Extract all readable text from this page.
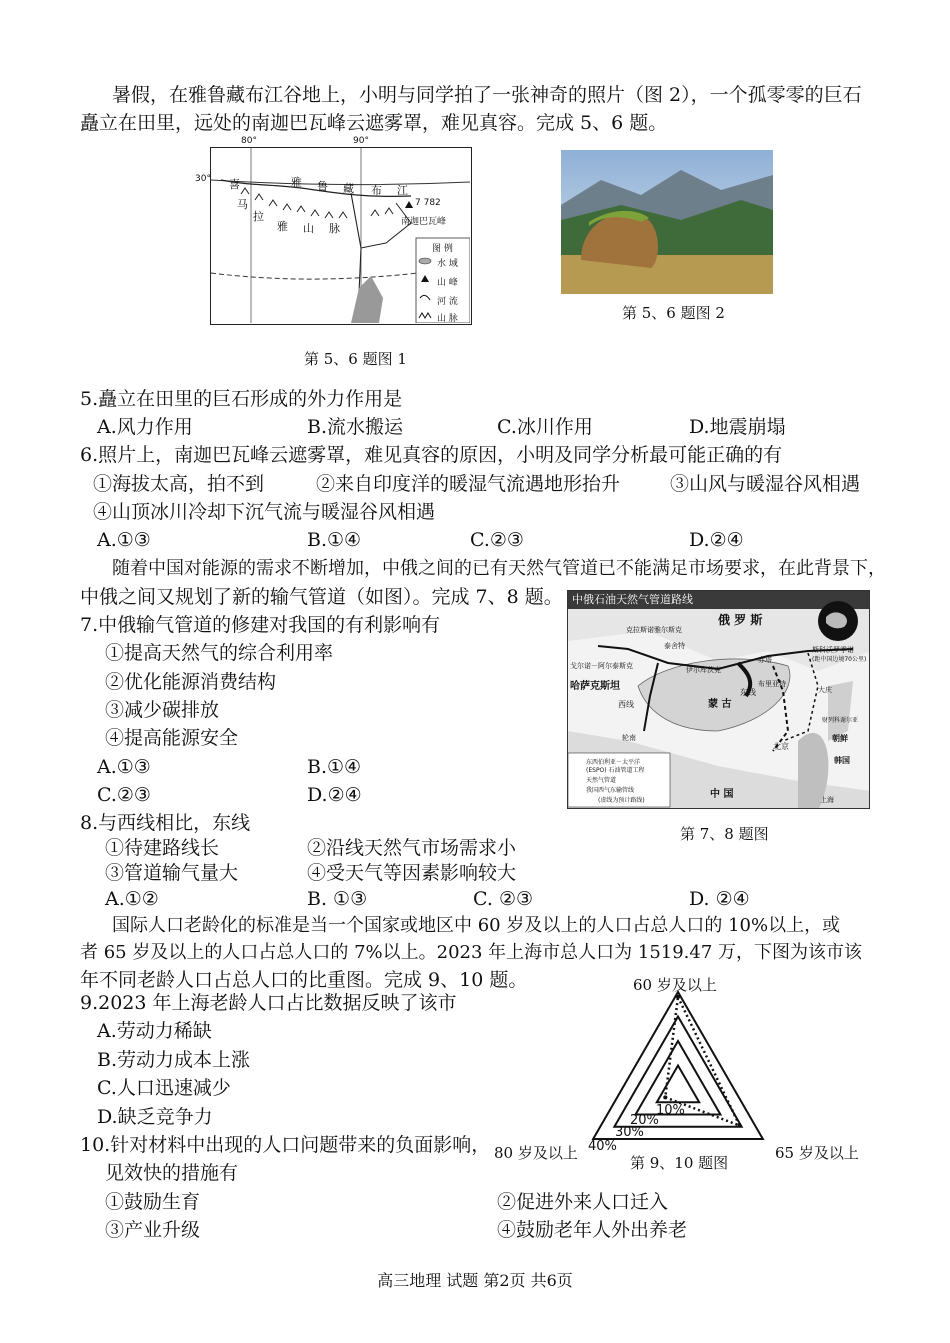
暑假，在雅鲁藏布江谷地上，小明与同学拍了一张神奇的照片（图 2），一个孤零零的巨石
矗立在田里，远处的南迦巴瓦峰云遮雾罩，难见真容。完成 5、6 题。
80°	90°
30°	雅 鲁 藏 布 江
喜
马
拉
雅 山 脉
7 782
南迦巴瓦峰
图 例
水 域
山 峰
河 流
山 脉
第 5、6 题图 1
第 5、6 题图 2
5.矗立在田里的巨石形成的外力作用是
A.风力作用	B.流水搬运	C.冰川作用	D.地震崩塌
6.照片上，南迦巴瓦峰云遮雾罩，难见真容的原因，小明及同学分析最可能正确的有
①海拔太高，拍不到	②来自印度洋的暖湿气流遇地形抬升	③山风与暖湿谷风相遇
④山顶冰川冷却下沉气流与暖湿谷风相遇
A.①③	B.①④	C.②③	D.②④
随着中国对能源的需求不断增加，中俄之间的已有天然气管道已不能满足市场要求，在此背景下，
中俄之间又规划了新的输气管道（如图）。完成 7、8 题。 中俄石油天然气管道路线
俄 罗 斯
克拉斯诺雅尔斯克
泰舍特
伊尔库茨克
戈尔诺－阿尔泰斯克
哈萨克斯坦
赤塔
布里亚特
斯科沃罗季诺
(距中国边境70公里)
西线
东线
轮南
蒙 古
大庆
北京
朝鲜
韩国
财列科谢尔亚
中 国	上海
东西伯利亚－太平洋
(ESPO) 石油管道工程
天然气管道
我国西气东输管线
(虚线为预计路线)
第 7、8 题图
7.中俄输气管道的修建对我国的有利影响有
①提高天然气的综合利用率
②优化能源消费结构
③减少碳排放
④提高能源安全
A.①③	B.①④
C.②③	D.②④
8.与西线相比，东线
①待建路线长	②沿线天然气市场需求小
③管道输气量大	④受天气等因素影响较大
A.①②	B. ①③	C. ②③	D. ②④
国际人口老龄化的标准是当一个国家或地区中 60 岁及以上的人口占总人口的 10%以上，或
者 65 岁及以上的人口占总人口的 7%以上。2023 年上海市总人口为 1519.47 万，下图为该市该
年不同老龄人口占总人口的比重图。完成 9、10 题。
9.2023 年上海老龄人口占比数据反映了该市
A.劳动力稀缺
B.劳动力成本上涨
C.人口迅速减少
D.缺乏竞争力	10%
20%
30%
40%
60 岁及以上
65 岁及以上
80 岁及以上
第 9、10 题图
10.针对材料中出现的人口问题带来的负面影响，
见效快的措施有
①鼓励生育	②促进外来人口迁入
③产业升级	④鼓励老年人外出养老
高三地理 试题 第2页 共6页
